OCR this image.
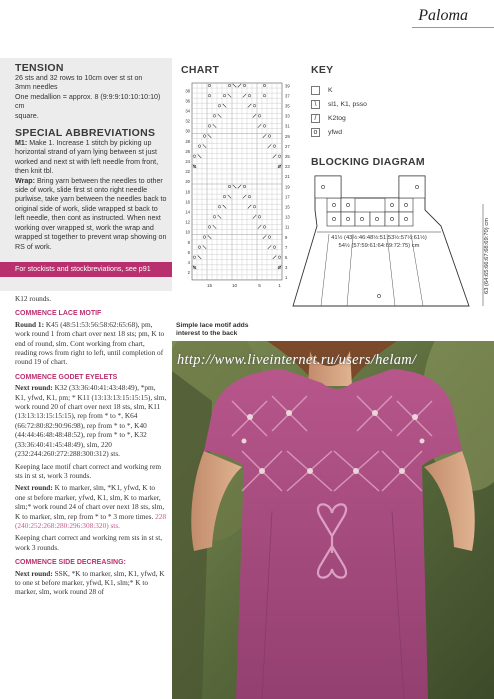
Paloma
TENSION

26 sts and 32 rows to 10cm over st st on

3mm needles

One medallion = approx. 8 (9:9:9:10:10:10:10) cm

square.

SPECIAL ABBREVIATIONS

M1: Make 1. Increase 1 stitch by picking up horizontal strand of yarn lying between st just worked and next st with left needle from front, then knit tbl.

Wrap: Bring yarn between the needles to other side of work, slide first st onto right needle purlwise, take yarn between the needles back to original side of work, slide wrapped st back to left needle, then cont as instructed. When next working over wrapped st, work the wrap and wrapped st together to prevent wrap showing on RS of work.

For stockists and stockbreviations, see p91
CHART
39
37
35
33
31
29
27
25
23
21
19
17
15
13
11
9
7
5
3
1
38
36
34
32
30
28
26
24
22
20
18
16
14
12
10
8
6
4
2
15	10	5	1
KEY
K
\	sl1, K1, psso
/	K2tog
o	yfwd
BLOCKING DIAGRAM
41½ (43½:46:48½:51:53½:57½:61½)
54½ (57:59:61:64:69:72:75) cm	63 (64:65:66:67:68:69:70) cm
Simple lace motif adds
interest to the back

K12 rounds.

COMMENCE LACE MOTIF

Round 1: K45 (48:51:53:56:58:62:65:68), pm, work round 1 from chart over next 18 sts; pm, K to end of round, slm. Cont working from chart, reading rows from right to left, until completion of round 19 of chart.

COMMENCE GODET EYELETS

Next round: K32 (33:36:40:41:43:48:49), *pm, K1, yfwd, K1, pm; * K11 (13:13:13:15:15:15), slm, work round 20 of chart over next 18 sts, slm, K11 (13:13:13:15:15:15), rep from * to *, K64 (66:72:80:82:90:96:98), rep from * to *, K40 (44:44:46:48:48:48:52), rep from * to *, K32 (33:36:40:41:45:48:49), slm, 220 (232:244:260:272:288:300:312) sts.

Keeping lace motif chart correct and working rem sts in st st, work 3 rounds.

Next round: K to marker, slm, *K1, yfwd, K to one st before marker, yfwd, K1, slm, K to marker, slm;* work round 24 of chart over next 18 sts, slm, K to marker, slm, rep from * to * 3 more times. 228 (240:252:268:280:296:308:320) sts.

Keeping chart correct and working rem sts in st st, work 3 rounds.

COMMENCE SIDE DECREASING:

Next round: SSK, *K to marker, slm, K1, yfwd, K to one st before marker, yfwd, K1, slm;* K to marker, slm, work round 28 of

http://www.liveinternet.ru/users/helam/
